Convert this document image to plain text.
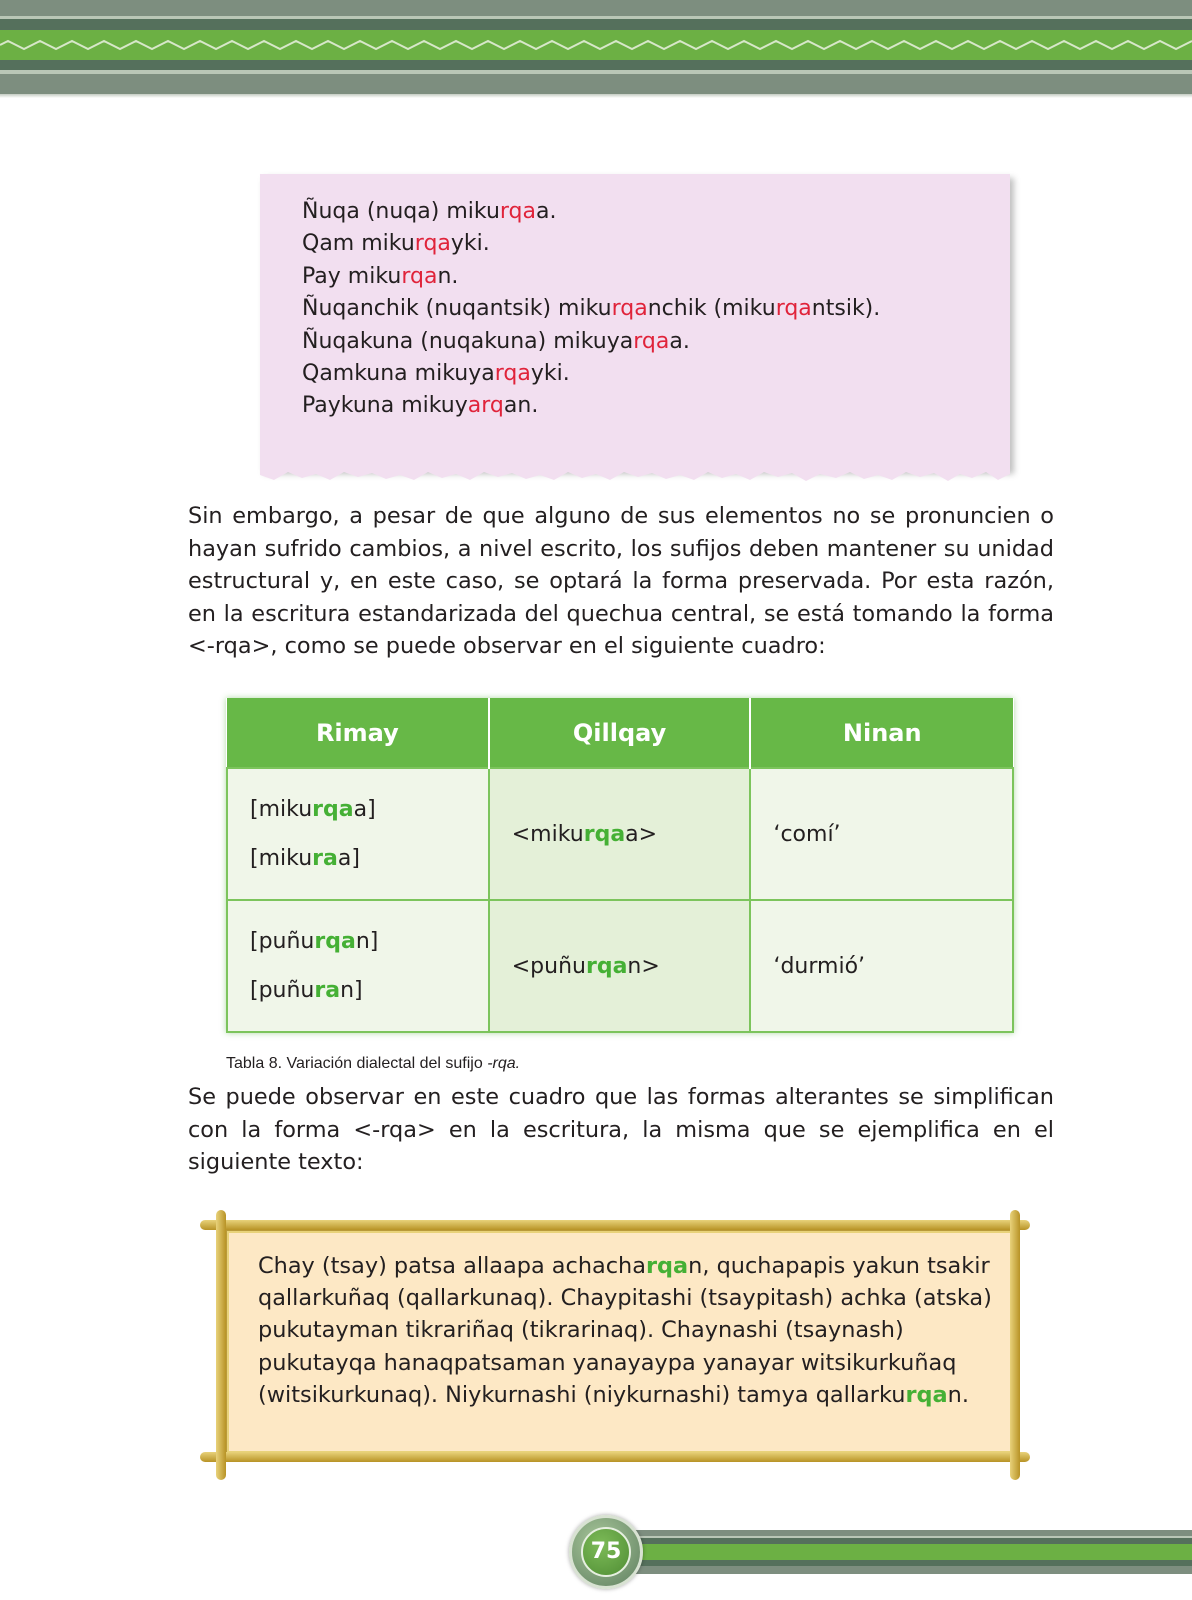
Ñuqa (nuqa) mikurqaa.
Qam mikurqayki.
Pay mikurqan.
Ñuqanchik (nuqantsik) mikurqanchik (mikurqantsik).
Ñuqakuna (nuqakuna) mikuyarqaa.
Qamkuna mikuyarqayki.
Paykuna mikuyarqan.

Sin embargo, a pesar de que alguno de sus elementos no se pronuncien o hayan sufrido cambios, a nivel escrito, los sufijos deben mantener su unidad estructural y, en este caso, se optará la forma preservada. Por esta razón, en la escritura estandarizada del quechua central, se está tomando la forma <-rqa>, como se puede observar en el siguiente cuadro:

Rimay	Qillqay	Ninan

[mikurqaa]
[mikuraa]	<mikurqaa>	‘comí’

[puñurqan]
[puñuran]	<puñurqan>	‘durmió’
Tabla 8. Variación dialectal del sufijo -rqa.

Se puede observar en este cuadro que las formas alterantes se simplifican con la forma <-rqa> en la escritura, la misma que se ejemplifica en el siguiente texto:

Chay (tsay) patsa allaapa achacharqan, quchapapis yakun tsakir qallarkuñaq (qallarkunaq). Chaypitashi (tsaypitash) achka (atska) pukutayman tikrariñaq (tikrarinaq). Chaynashi (tsaynash) pukutayqa hanaqpatsaman yanayaypa yanayar witsikurkuñaq (witsikurkunaq). Niykurnashi (niykurnashi) tamya qallarkurqan.

75
